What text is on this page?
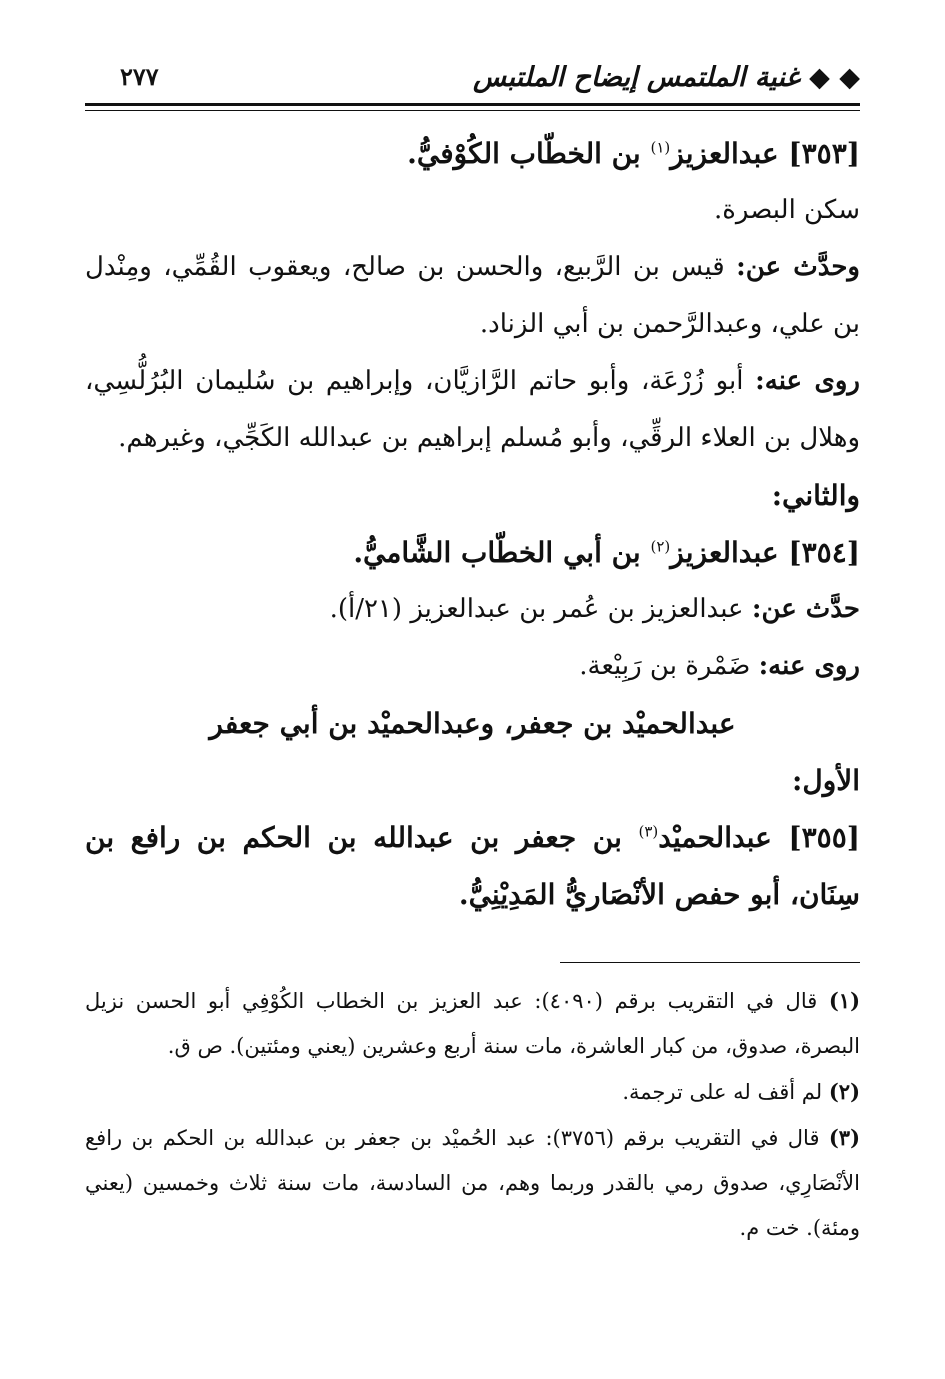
◆ ◆ غنية الملتمس إيضاح الملتبس
٢٧٧

[٣٥٣] عبدالعزيز$^{(١)}$ بن الخطّاب الكُوْفيُّ.

سكن البصرة.

وحدَّث عن: قيس بن الرَّبيع، والحسن بن صالح، ويعقوب القُمِّي، ومِنْدل بن علي، وعبدالرَّحمن بن أبي الزناد.

روى عنه: أبو زُرْعَة، وأبو حاتم الرَّازيَّان، وإبراهيم بن سُليمان البُرُلُّسِي، وهلال بن العلاء الرقِّي، وأبو مُسلم إبراهيم بن عبدالله الكَجِّي، وغيرهم.

والثاني:

[٣٥٤] عبدالعزيز$^{(٢)}$ بن أبي الخطّاب الشَّاميُّ.

حدَّث عن: عبدالعزيز بن عُمر بن عبدالعزيز (٢١/أ).

روى عنه: ضَمْرة بن رَبِيْعة.

عبدالحميْد بن جعفر، وعبدالحميْد بن أبي جعفر

الأول:

[٣٥٥] عبدالحميْد$^{(٣)}$ بن جعفر بن عبدالله بن الحكم بن رافع بن سِنَان، أبو حفص الأنْصَاريُّ المَدِيْنِيُّ.

(١) قال في التقريب برقم (٤٠٩٠): عبد العزيز بن الخطاب الكُوْفِي أبو الحسن نزيل البصرة، صدوق، من كبار العاشرة، مات سنة أربع وعشرين (يعني ومئتين). ص ق.

(٢) لم أقف له على ترجمة.

(٣) قال في التقريب برقم (٣٧٥٦): عبد الحُميْد بن جعفر بن عبدالله بن الحكم بن رافع الأنْصَارِي، صدوق رمي بالقدر وربما وهم، من السادسة، مات سنة ثلاث وخمسين (يعني ومئة). خت م.
